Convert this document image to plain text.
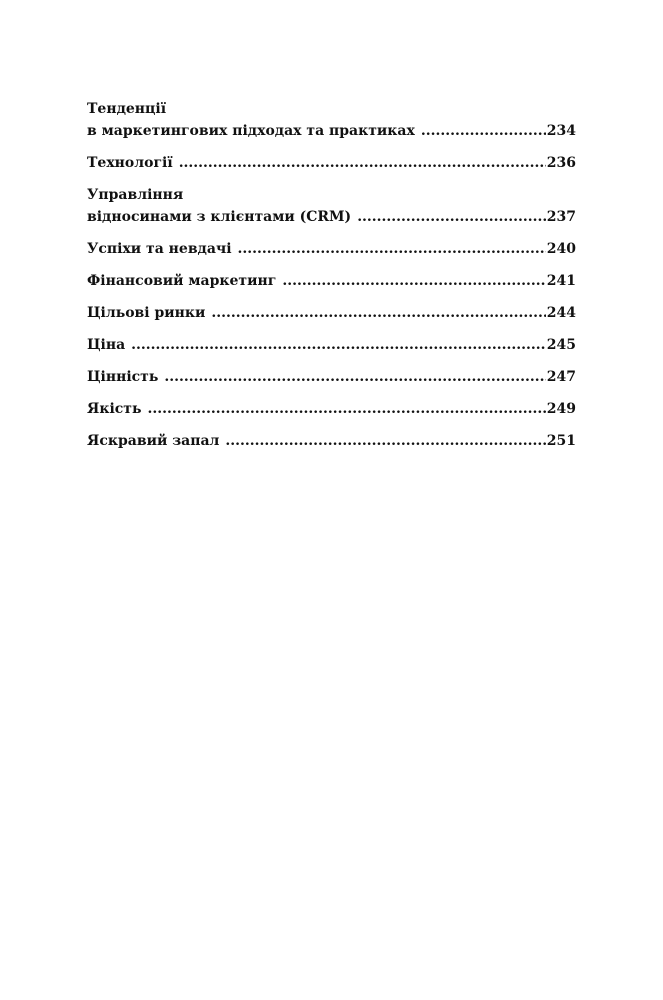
Тенденції
в маркетингових підходах та практиках .....	234
Технології .....	236
Управління
відносинами з клієнтами (CRM) .....	237
Успіхи та невдачі .....	240
Фінансовий маркетинг .....	241
Цільові ринки .....	244
Ціна .....	245
Цінність .....	247
Якість .....	249
Яскравий запал .....	251
